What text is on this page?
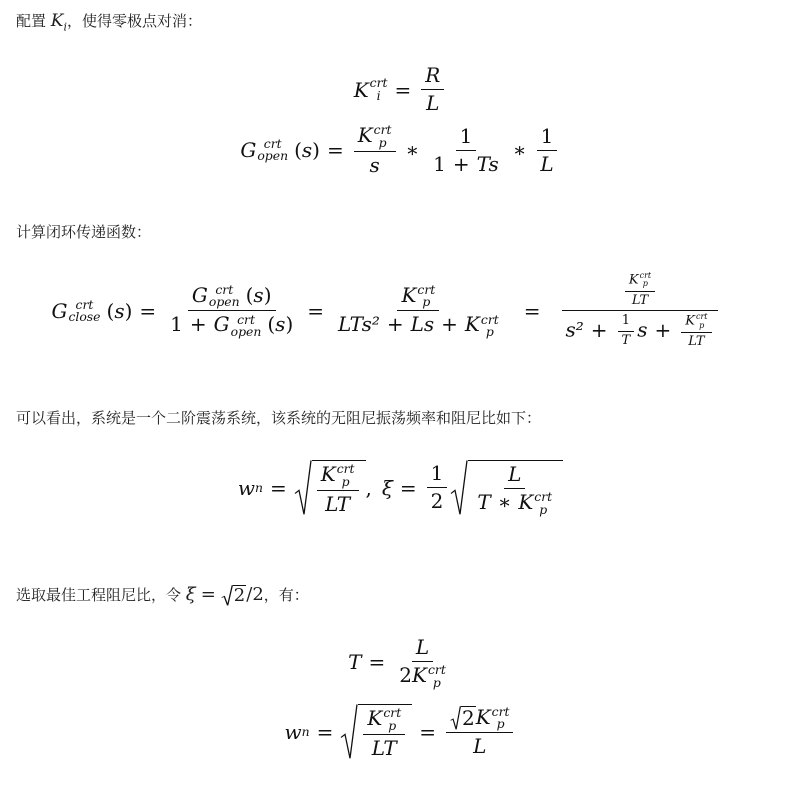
配置 $K_i$，使得零极点对消：
K crt
$i = \frac{R}{L}$
G crt
open ( s ) = K crt
p
s ∗ $\frac{1}{1 + Ts}$ ∗ $\frac{1}{L}$
计算闭环传递函数：
G crt
close ( s ) = G crt
open (s)
1 + G crt
open (s) = K crt
p
LTs² + Ls + K crt
p = K crt
p
LT
$s^2 + \frac{1}{T}$ s + K crt
p
LT
可以看出，系统是一个二阶震荡系统，该系统的无阻尼振荡频率和阻尼比如下：
w n = K crt
p
LT , $\xi = \frac{1}{2}$ L
T ∗ K crt
p
选取最佳工程阻尼比，令 ξ = 2 /2，有：
T = L
2K crt
p
w n = K crt
p
LT = 2 K crt
p
L
